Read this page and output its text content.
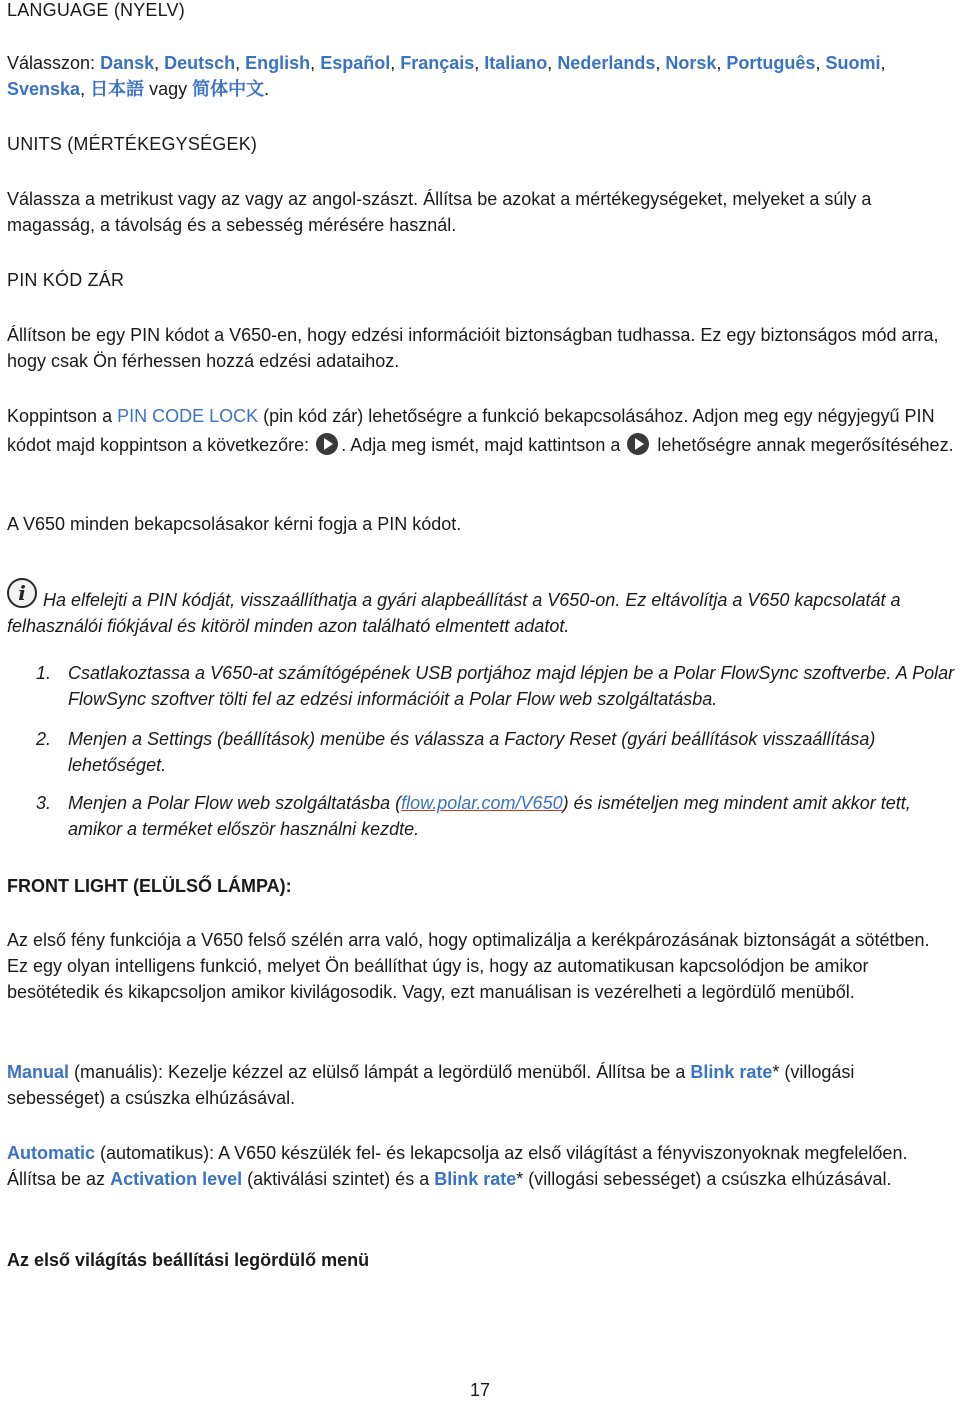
LANGUAGE (NYELV)

Válasszon: Dansk, Deutsch, English, Español, Français, Italiano, Nederlands, Norsk, Português, Suomi, Svenska, 日本語 vagy 简体中文.

UNITS (MÉRTÉKEGYSÉGEK)

Válassza a metrikust vagy az vagy az angol-szászt. Állítsa be azokat a mértékegységeket, melyeket a súly a magasság, a távolság és a sebesség mérésére használ.

PIN KÓD ZÁR

Állítson be egy PIN kódot a V650-en, hogy edzési információit biztonságban tudhassa. Ez egy biztonságos mód arra, hogy csak Ön férhessen hozzá edzési adataihoz.

Koppintson a PIN CODE LOCK (pin kód zár) lehetőségre a funkció bekapcsolásához. Adjon meg egy négyjegyű PIN kódot majd koppintson a következőre: . Adja meg ismét, majd kattintson a lehetőségre annak megerősítéséhez.

A V650 minden bekapcsolásakor kérni fogja a PIN kódot.

i Ha elfelejti a PIN kódját, visszaállíthatja a gyári alapbeállítást a V650-on. Ez eltávolítja a V650 kapcsolatát a felhasználói fiókjával és kitöröl minden azon található elmentett adatot.

1. Csatlakoztassa a V650-at számítógépének USB portjához majd lépjen be a Polar FlowSync szoftverbe. A Polar FlowSync szoftver tölti fel az edzési információit a Polar Flow web szolgáltatásba.
2. Menjen a Settings (beállítások) menübe és válassza a Factory Reset (gyári beállítások visszaállítása) lehetőséget.
3. Menjen a Polar Flow web szolgáltatásba (flow.polar.com/V650) és ismételjen meg mindent amit akkor tett, amikor a terméket először használni kezdte.

FRONT LIGHT (ELÜLSŐ LÁMPA):

Az első fény funkciója a V650 felső szélén arra való, hogy optimalizálja a kerékpározásának biztonságát a sötétben. Ez egy olyan intelligens funkció, melyet Ön beállíthat úgy is, hogy az automatikusan kapcsolódjon be amikor besötétedik és kikapcsoljon amikor kivilágosodik. Vagy, ezt manuálisan is vezérelheti a legördülő menüből.

Manual (manuális): Kezelje kézzel az elülső lámpát a legördülő menüből. Állítsa be a Blink rate* (villogási sebességet) a csúszka elhúzásával.

Automatic (automatikus): A V650 készülék fel- és lekapcsolja az első világítást a fényviszonyoknak megfelelően. Állítsa be az Activation level (aktiválási szintet) és a Blink rate* (villogási sebességet) a csúszka elhúzásával.

Az első világítás beállítási legördülő menü

17
